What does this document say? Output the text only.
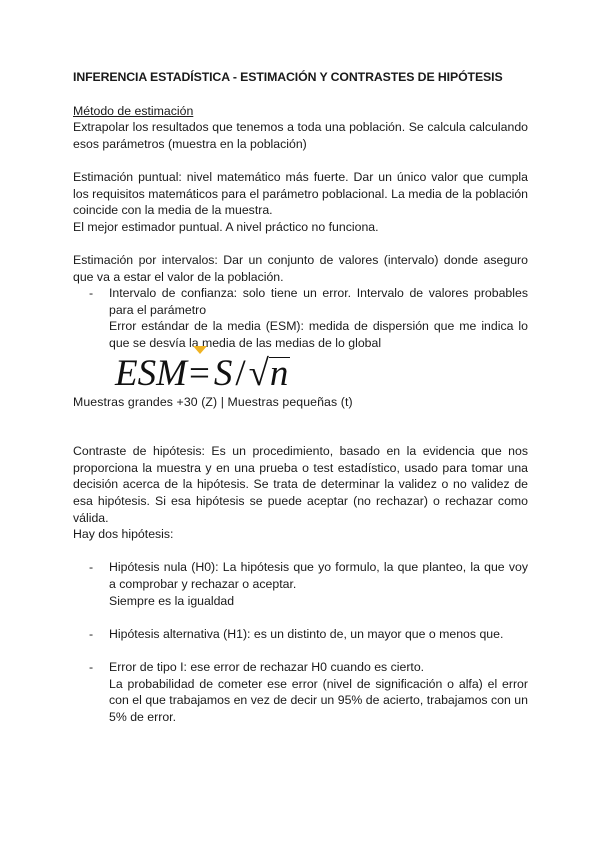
INFERENCIA ESTADÍSTICA - ESTIMACIÓN Y CONTRASTES DE HIPÓTESIS
Método de estimación

Extrapolar los resultados que tenemos a toda una población. Se calcula calculando esos parámetros (muestra en la población)

Estimación puntual: nivel matemático más fuerte. Dar un único valor que cumpla los requisitos matemáticos para el parámetro poblacional. La media de la población coincide con la media de la muestra.

El mejor estimador puntual. A nivel práctico no funciona.

Estimación por intervalos: Dar un conjunto de valores (intervalo) donde aseguro que va a estar el valor de la población.

- Intervalo de confianza: solo tiene un error. Intervalo de valores probables para el parámetro
Error estándar de la media (ESM): medida de dispersión que me indica lo que se desvía la media de las medias de lo global
ESM= S/√n
Muestras grandes +30 (Z) | Muestras pequeñas (t)

Contraste de hipótesis: Es un procedimiento, basado en la evidencia que nos proporciona la muestra y en una prueba o test estadístico, usado para tomar una decisión acerca de la hipótesis. Se trata de determinar la validez o no validez de esa hipótesis. Si esa hipótesis se puede aceptar (no rechazar) o rechazar como válida.

Hay dos hipótesis:

- Hipótesis nula (H0): La hipótesis que yo formulo, la que planteo, la que voy a comprobar y rechazar o aceptar.
Siempre es la igualdad
- Hipótesis alternativa (H1): es un distinto de, un mayor que o menos que.
- Error de tipo I: ese error de rechazar H0 cuando es cierto.
La probabilidad de cometer ese error (nivel de significación o alfa) el error con el que trabajamos en vez de decir un 95% de acierto, trabajamos con un 5% de error.
